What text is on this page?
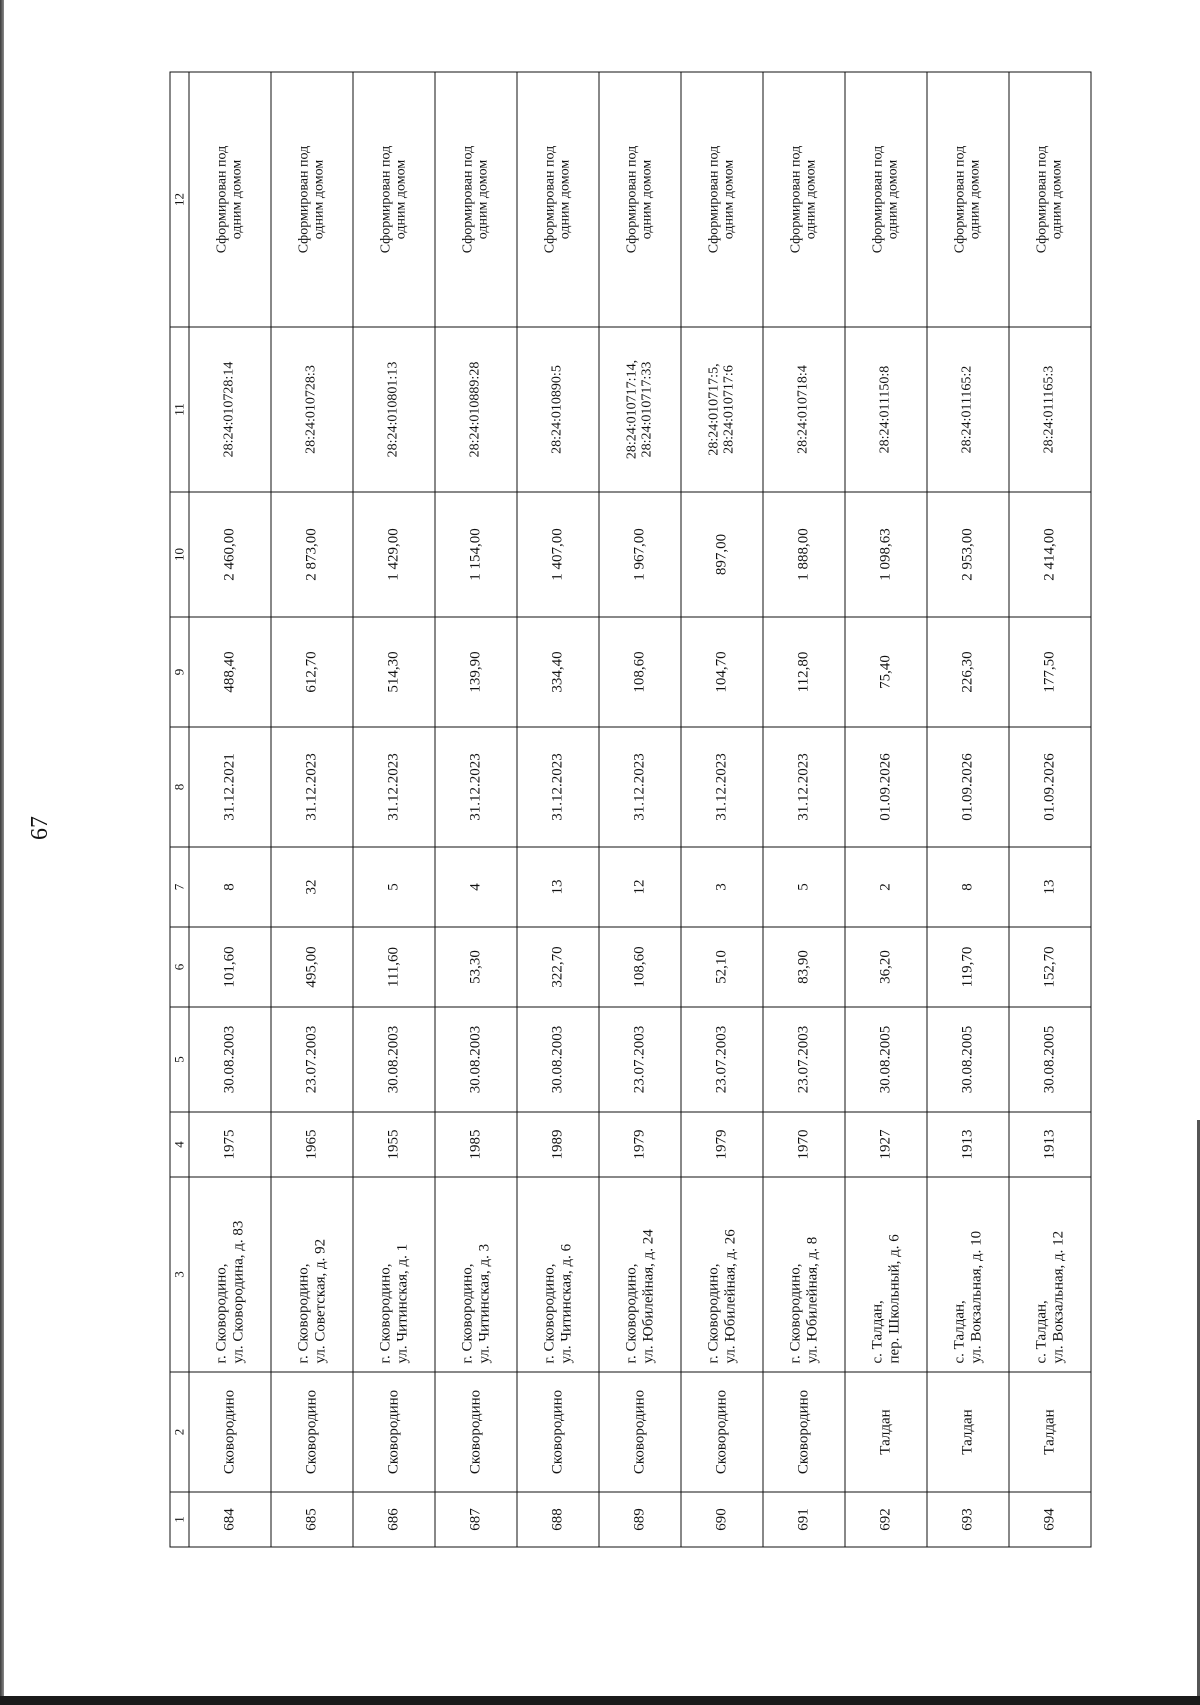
67
1	2	3	4	5	6	7	8	9	10	11	12
684	Сковородино	г. Сковородино,
ул. Сковородина, д. 83	1975	30.08.2003	101,60	8	31.12.2021	488,40	2 460,00	28:24:010728:14	Сформирован под
одним домом
685	Сковородино	г. Сковородино,
ул. Советская, д. 92	1965	23.07.2003	495,00	32	31.12.2023	612,70	2 873,00	28:24:010728:3	Сформирован под
одним домом
686	Сковородино	г. Сковородино,
ул. Читинская, д. 1	1955	30.08.2003	111,60	5	31.12.2023	514,30	1 429,00	28:24:010801:13	Сформирован под
одним домом
687	Сковородино	г. Сковородино,
ул. Читинская, д. 3	1985	30.08.2003	53,30	4	31.12.2023	139,90	1 154,00	28:24:010889:28	Сформирован под
одним домом
688	Сковородино	г. Сковородино,
ул. Читинская, д. 6	1989	30.08.2003	322,70	13	31.12.2023	334,40	1 407,00	28:24:010890:5	Сформирован под
одним домом
689	Сковородино	г. Сковородино,
ул. Юбилейная, д. 24	1979	23.07.2003	108,60	12	31.12.2023	108,60	1 967,00	28:24:010717:14,
28:24:010717:33	Сформирован под
одним домом
690	Сковородино	г. Сковородино,
ул. Юбилейная, д. 26	1979	23.07.2003	52,10	3	31.12.2023	104,70	897,00	28:24:010717:5,
28:24:010717:6	Сформирован под
одним домом
691	Сковородино	г. Сковородино,
ул. Юбилейная, д. 8	1970	23.07.2003	83,90	5	31.12.2023	112,80	1 888,00	28:24:010718:4	Сформирован под
одним домом
692	Талдан	с. Талдан,
пер. Школьный, д. 6	1927	30.08.2005	36,20	2	01.09.2026	75,40	1 098,63	28:24:011150:8	Сформирован под
одним домом
693	Талдан	с. Талдан,
ул. Вокзальная, д. 10	1913	30.08.2005	119,70	8	01.09.2026	226,30	2 953,00	28:24:011165:2	Сформирован под
одним домом
694	Талдан	с. Талдан,
ул. Вокзальная, д. 12	1913	30.08.2005	152,70	13	01.09.2026	177,50	2 414,00	28:24:011165:3	Сформирован под
одним домом
